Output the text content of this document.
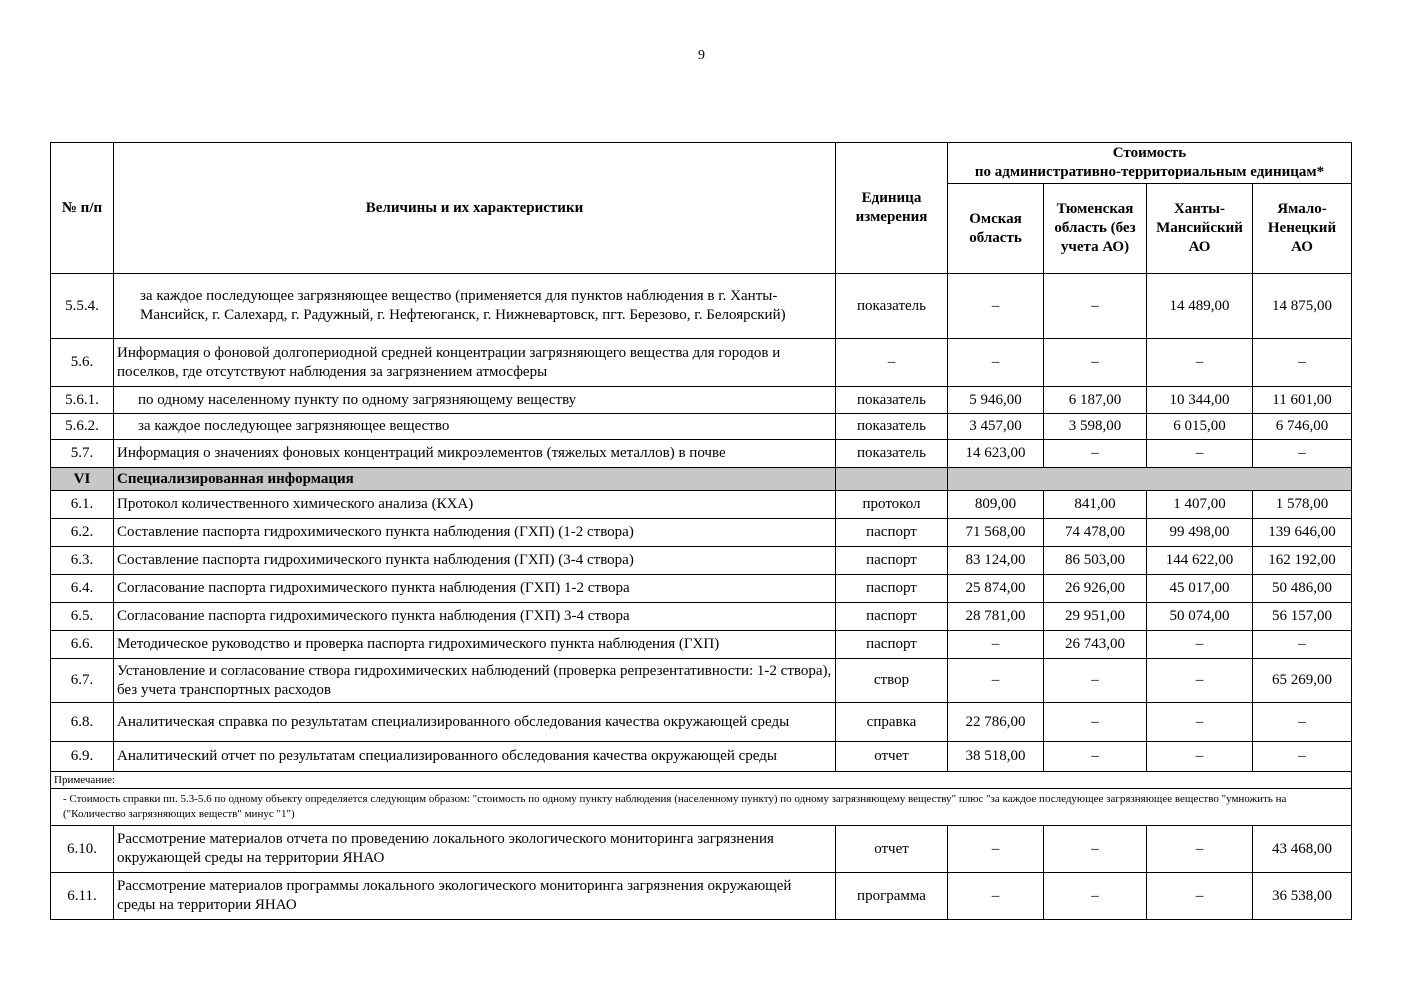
9
№ п/п	Величины и их характеристики	Единица измерения	Стоимость
по административно-территориальным единицам*			

			Омская область	Тюменская область (без учета АО)	Ханты-Мансийский АО	Ямало-Ненецкий АО
5.5.4.	за каждое последующее загрязняющее вещество (применяется для пунктов наблюдения в г. Ханты-Мансийск, г. Салехард, г. Радужный, г. Нефтеюганск, г. Нижневартовск, пгт. Березово, г. Белоярский)	показатель	–	–	14 489,00	14 875,00
5.6.	Информация о фоновой долгопериодной средней концентрации загрязняющего вещества для городов и поселков, где отсутствуют наблюдения за загрязнением атмосферы	–	–	–	–	–
5.6.1.	по одному населенному пункту по одному загрязняющему веществу	показатель	5 946,00	6 187,00	10 344,00	11 601,00
5.6.2.	за каждое последующее загрязняющее вещество	показатель	3 457,00	3 598,00	6 015,00	6 746,00
5.7.	Информация о значениях фоновых концентраций микроэлементов (тяжелых металлов) в почве	показатель	14 623,00	–	–	–
VI	Специализированная информация					
6.1.	Протокол количественного химического анализа (КХА)	протокол	809,00	841,00	1 407,00	1 578,00
6.2.	Составление паспорта гидрохимического пункта наблюдения (ГХП) (1-2 створа)	паспорт	71 568,00	74 478,00	99 498,00	139 646,00
6.3.	Составление паспорта гидрохимического пункта наблюдения (ГХП) (3-4 створа)	паспорт	83 124,00	86 503,00	144 622,00	162 192,00
6.4.	Согласование паспорта гидрохимического пункта наблюдения (ГХП) 1-2 створа	паспорт	25 874,00	26 926,00	45 017,00	50 486,00
6.5.	Согласование паспорта гидрохимического пункта наблюдения (ГХП) 3-4 створа	паспорт	28 781,00	29 951,00	50 074,00	56 157,00
6.6.	Методическое руководство и проверка паспорта гидрохимического пункта наблюдения (ГХП)	паспорт	–	26 743,00	–	–
6.7.	Установление и согласование створа гидрохимических наблюдений (проверка репрезентативности: 1-2 створа), без учета транспортных расходов	створ	–	–	–	65 269,00
6.8.	Аналитическая справка по результатам специализированного обследования качества окружающей среды	справка	22 786,00	–	–	–
6.9.	Аналитический отчет по результатам специализированного обследования качества окружающей среды	отчет	38 518,00	–	–	–
Примечание:						
- Стоимость справки пп. 5.3-5.6 по одному объекту определяется следующим образом: "стоимость по одному пункту наблюдения (населенному пункту) по одному загрязняющему веществу" плюс "за каждое последующее загрязняющее вещество "умножить на ("Количество загрязняющих веществ" минус "1")						
6.10.	Рассмотрение материалов отчета по проведению локального экологического мониторинга загрязнения окружающей среды на территории ЯНАО	отчет	–	–	–	43 468,00
6.11.	Рассмотрение материалов программы локального экологического мониторинга загрязнения окружающей среды на территории ЯНАО	программа	–	–	–	36 538,00
